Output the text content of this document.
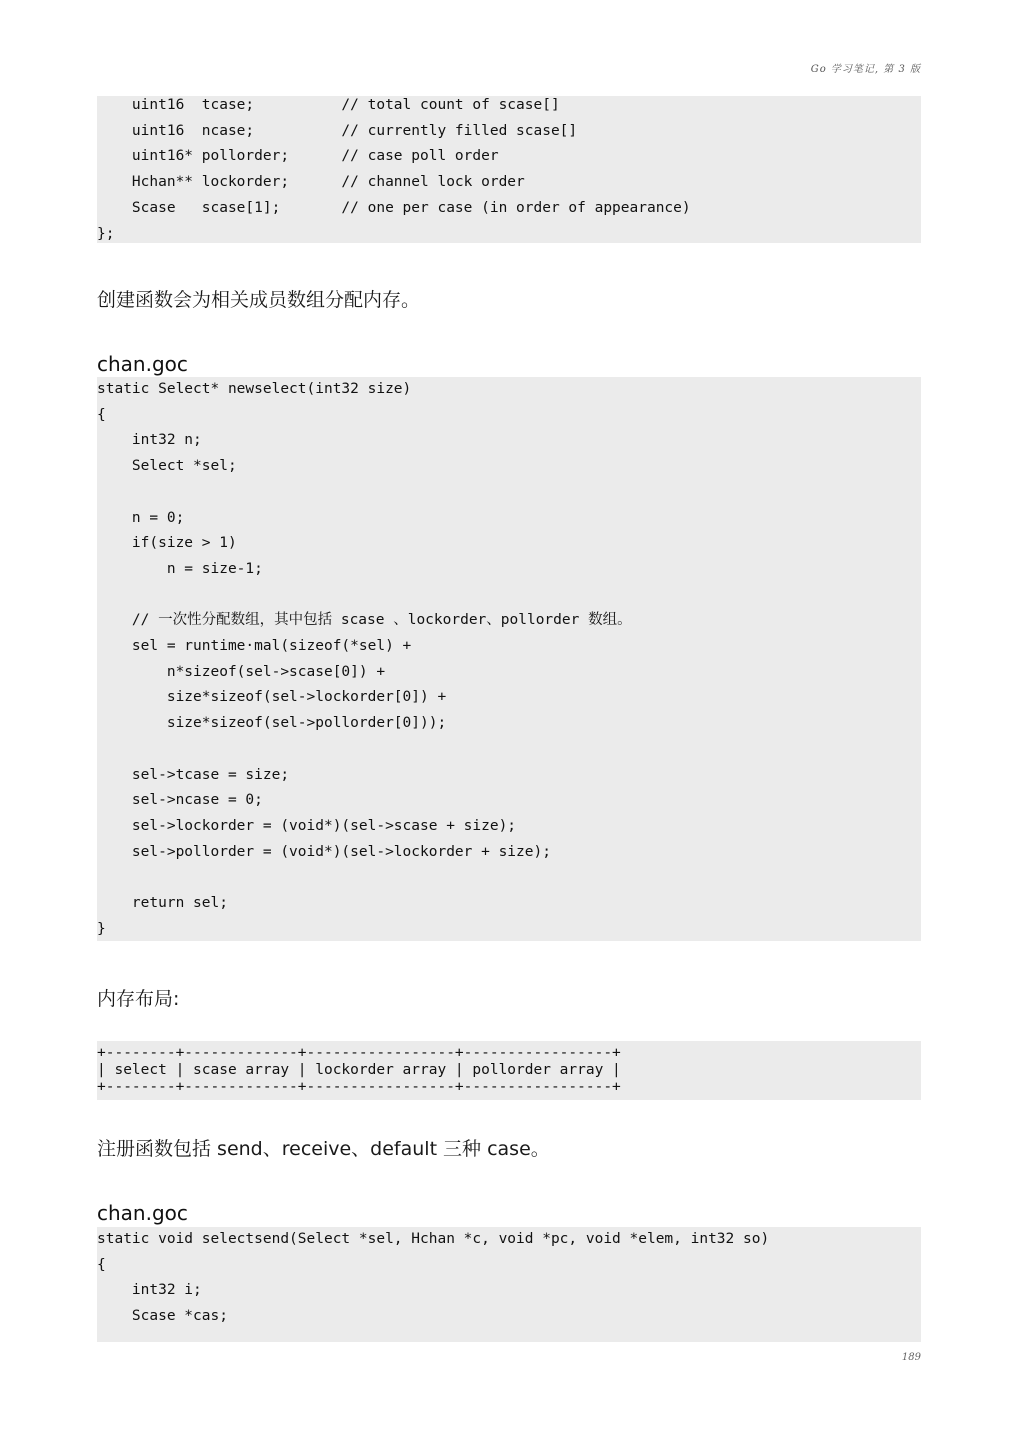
Go 学习笔记, 第 3 版
uint16  tcase;          // total count of scase[]
uint16  ncase;          // currently filled scase[]
uint16* pollorder;      // case poll order
Hchan** lockorder;      // channel lock order
Scase   scase[1];       // one per case (in order of appearance)
};
创建函数会为相关成员数组分配内存。
chan.goc
static Select* newselect(int32 size)
{
int32 n;
Select *sel;

n = 0;
if(size > 1)
n = size-1;

// 一次性分配数组，其中包括 scase 、lockorder、pollorder 数组。
sel = runtime·mal(sizeof(*sel) +
n*sizeof(sel->scase[0]) +
size*sizeof(sel->lockorder[0]) +
size*sizeof(sel->pollorder[0]));

sel->tcase = size;
sel->ncase = 0;
sel->lockorder = (void*)(sel->scase + size);
sel->pollorder = (void*)(sel->lockorder + size);

return sel;
}
内存布局:
+--------+-------------+-----------------+-----------------+
| select | scase array | lockorder array | pollorder array |
+--------+-------------+-----------------+-----------------+
注册函数包括 send、receive、default 三种 case。
chan.goc
static void selectsend(Select *sel, Hchan *c, void *pc, void *elem, int32 so)
{
int32 i;
Scase *cas;
189
